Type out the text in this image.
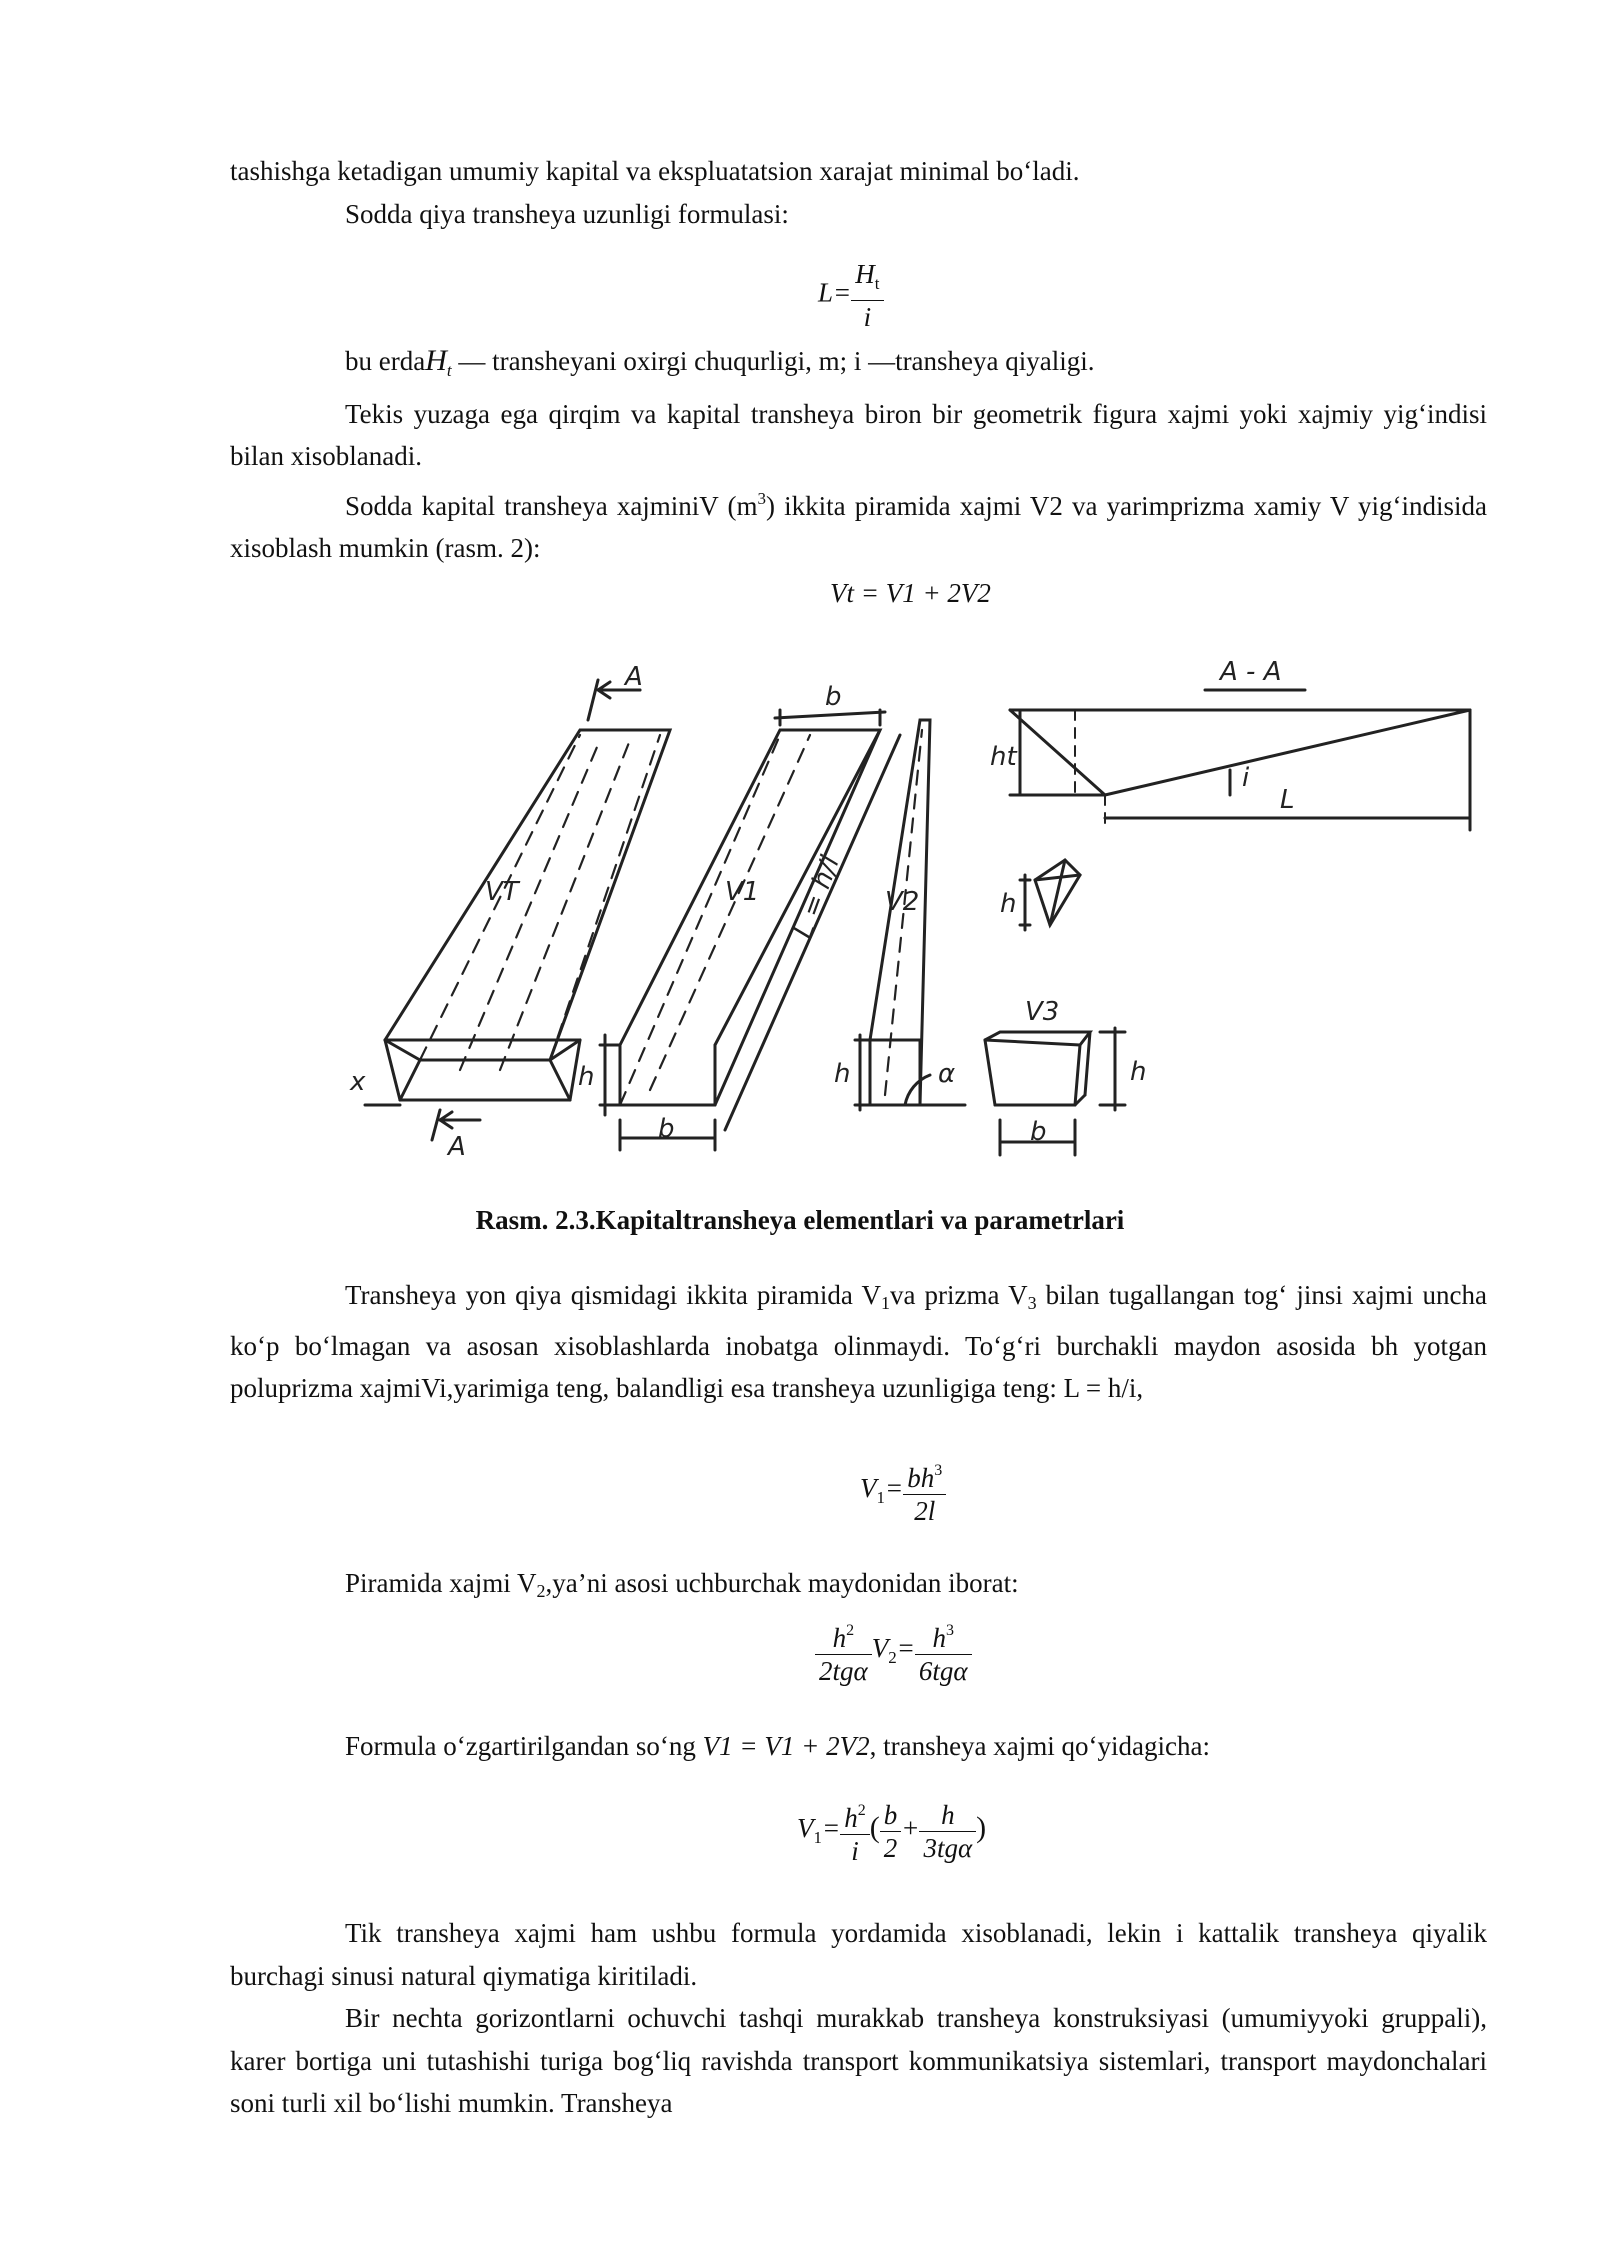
tashishga ketadigan umumiy kapital va ekspluatatsion xarajat minimal bo‘ladi.

Sodda qiya transheya uzunligi formulasi:

$L= \frac{H_t}{i}$

bu erdaH$_t$ — transheyani oxirgi chuqurligi, m; i —transheya qiyaligi.

Tekis yuzaga ega qirqim va kapital transheya biron bir geometrik figura xajmi yoki xajmiy yig‘indisi bilan xisoblanadi.

Sodda kapital transheya xajminiV $(m^3)$ ikkita piramida xajmi V2 va yarimprizma xamiy V yig‘indisida xisoblash mumkin (rasm. 2):

Vt = V1 + 2V2
A
A
A - A
VT	V1	V2
V3
b
b	b
h	h	h
h
L = h/i
L
ht
i
α
x
Rasm. 2.3.Kapitaltransheya elementlari va parametrlari

Transheya yon qiya qismidagi ikkita piramida V1va prizma V3 bilan tugallangan tog‘ jinsi xajmi uncha ko‘p bo‘lmagan va asosan xisoblashlarda inobatga olinmaydi. To‘g‘ri burchakli maydon asosida bh yotgan poluprizma xajmiVi,yarimiga teng, balandligi esa transheya uzunligiga teng: L = h/i,

$V_1= \frac{bh^3}{2l}$

Piramida xajmi V2,ya’ni asosi uchburchak maydonidan iborat:

$\frac{h^2}{\text{2tgα}} V_2= \frac{h^3}{\text{6tgα}}$

Formula o‘zgartirilgandan so‘ng V1 = V1 + 2V2, transheya xajmi qo‘yidagicha:

$V_1= \frac{h^2}{i}$ ( $\frac{b}{2} + \frac{h}{\text{3tgα}}$ )

Tik transheya xajmi ham ushbu formula yordamida xisoblanadi, lekin i kattalik transheya qiyalik burchagi sinusi natural qiymatiga kiritiladi.

Bir nechta gorizontlarni ochuvchi tashqi murakkab transheya konstruksiyasi (umumiyyoki gruppali), karer bortiga uni tutashishi turiga bog‘liq ravishda transport kommunikatsiya sistemlari, transport maydonchalari soni turli xil bo‘lishi mumkin. Transheya
